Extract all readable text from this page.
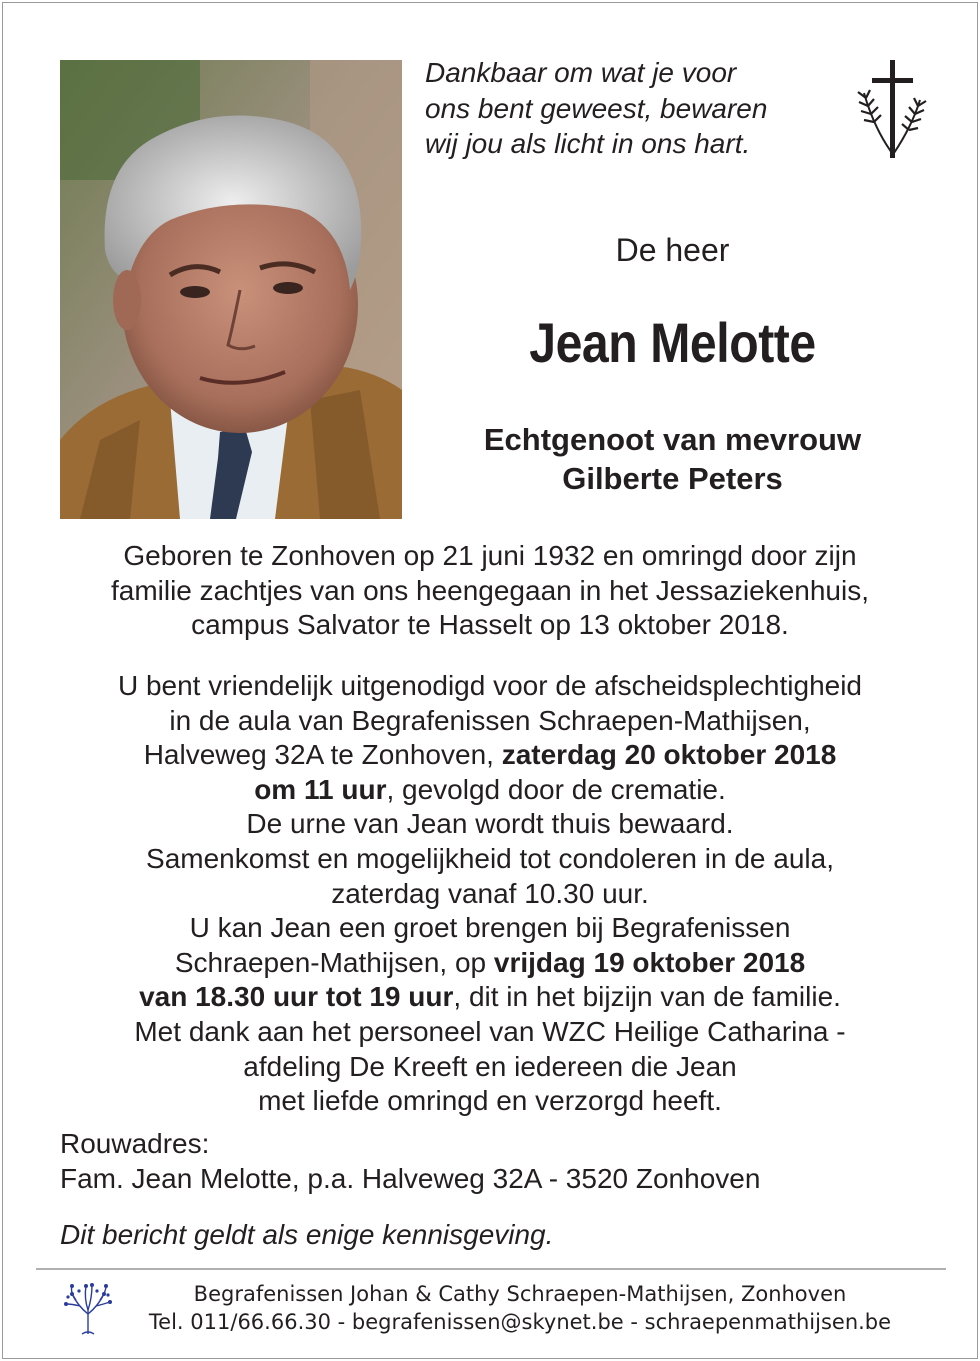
Dankbaar om wat je voor
ons bent geweest, bewaren
wij jou als licht in ons hart.
De heer
Jean Melotte
Echtgenoot van mevrouw
Gilberte Peters
Geboren te Zonhoven op 21 juni 1932 en omringd door zijn
familie zachtjes van ons heengegaan in het Jessaziekenhuis,
campus Salvator te Hasselt op 13 oktober 2018.
U bent vriendelijk uitgenodigd voor de afscheidsplechtigheid
in de aula van Begrafenissen Schraepen-Mathijsen,
Halveweg 32A te Zonhoven, zaterdag 20 oktober 2018
om 11 uur, gevolgd door de crematie.
De urne van Jean wordt thuis bewaard.
Samenkomst en mogelijkheid tot condoleren in de aula,
zaterdag vanaf 10.30 uur.
U kan Jean een groet brengen bij Begrafenissen
Schraepen-Mathijsen, op vrijdag 19 oktober 2018
van 18.30 uur tot 19 uur, dit in het bijzijn van de familie.
Met dank aan het personeel van WZC Heilige Catharina -
afdeling De Kreeft en iedereen die Jean
met liefde omringd en verzorgd heeft.
Rouwadres:
Fam. Jean Melotte, p.a. Halveweg 32A - 3520 Zonhoven
Dit bericht geldt als enige kennisgeving.
Begrafenissen Johan & Cathy Schraepen-Mathijsen, Zonhoven
Tel. 011/66.66.30 - begrafenissen@skynet.be - schraepenmathijsen.be
